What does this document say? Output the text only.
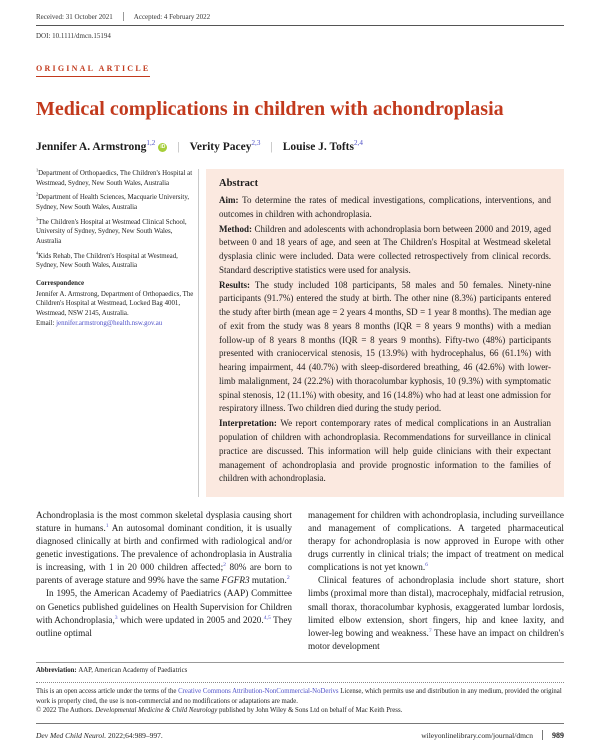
Received: 31 October 2021	Accepted: 4 February 2022
DOI: 10.1111/dmcn.15194
ORIGINAL ARTICLE
Medical complications in children with achondroplasia
Jennifer A. Armstrong$^{1,2}$ iD | Verity Pacey$^{2,3}$ | Louise J. Tofts$^{2,4}$

$^1$Department of Orthopaedics, The Children's Hospital at Westmead, Sydney, New South Wales, Australia

$^2$Department of Health Sciences, Macquarie University, Sydney, New South Wales, Australia

$^3$The Children's Hospital at Westmead Clinical School, University of Sydney, Sydney, New South Wales, Australia

$^4$Kids Rehab, The Children's Hospital at Westmead, Sydney, New South Wales, Australia

Correspondence

Jennifer A. Armstrong, Department of Orthopaedics, The Children's Hospital at Westmead, Locked Bag 4001, Westmead, NSW 2145, Australia.

Email: jennifer.armstrong@health.nsw.gov.au

Abstract

Aim: To determine the rates of medical investigations, complications, interventions, and outcomes in children with achondroplasia.

Method: Children and adolescents with achondroplasia born between 2000 and 2019, aged between 0 and 18 years of age, and seen at The Children's Hospital at Westmead skeletal dysplasia clinic were included. Data were collected retrospectively from clinical records. Standard descriptive statistics were used for analysis.

Results: The study included 108 participants, 58 males and 50 females. Ninety-nine participants (91.7%) entered the study at birth. The other nine (8.3%) participants entered the study after birth (mean age = 2 years 4 months, SD = 1 year 8 months). The median age of exit from the study was 8 years 8 months (IQR = 8 years 9 months) with a median follow-up of 8 years 8 months (IQR = 8 years 9 months). Fifty-two (48%) participants presented with craniocervical stenosis, 15 (13.9%) with hydrocephalus, 66 (61.1%) with hearing impairment, 44 (40.7%) with sleep-disordered breathing, 46 (42.6%) with lower-limb malalignment, 24 (22.2%) with thoracolumbar kyphosis, 10 (9.3%) with symptomatic spinal stenosis, 12 (11.1%) with obesity, and 16 (14.8%) who had at least one admission for respiratory illness. Two children died during the study period.

Interpretation: We report contemporary rates of medical complications in an Australian population of children with achondroplasia. Recommendations for surveillance in clinical practice are discussed. This information will help guide clinicians with their expectant management of achondroplasia and provide prognostic information to the families of children with achondroplasia.

Achondroplasia is the most common skeletal dysplasia causing short stature in humans.$^1$ An autosomal dominant condition, it is usually diagnosed clinically at birth and confirmed with radiological and/or genetic investigations. The prevalence of achondroplasia in Australia is increasing, with 1 in 20 000 children affected;$^2$ 80% are born to parents of average stature and 99% have the same FGFR3 mutation.$^2$

In 1995, the American Academy of Paediatrics (AAP) Committee on Genetics published guidelines on Health Supervision for Children with Achondroplasia,$^3$ which were updated in 2005 and 2020.$^{4,5}$ They outline optimal

management for children with achondroplasia, including surveillance and management of complications. A targeted pharmaceutical therapy for achondroplasia is now approved in Europe with other drugs currently in clinical trials; the impact of treatment on medical complications is not yet known.$^6$

Clinical features of achondroplasia include short stature, short limbs (proximal more than distal), macrocephaly, midfacial retrusion, small thorax, thoracolumbar kyphosis, exaggerated lumbar lordosis, limited elbow extension, short fingers, hip and knee laxity, and lower-leg bowing and weakness.$^7$ These have an impact on children's motor development

Abbreviation: AAP, American Academy of Paediatrics
This is an open access article under the terms of the Creative Commons Attribution-NonCommercial-NoDerivs License, which permits use and distribution in any medium, provided the original work is properly cited, the use is non-commercial and no modifications or adaptations are made.
© 2022 The Authors. Developmental Medicine & Child Neurology published by John Wiley & Sons Ltd on behalf of Mac Keith Press.
Dev Med Child Neurol. 2022;64:989–997.	wileyonlinelibrary.com/journal/dmcn 989
